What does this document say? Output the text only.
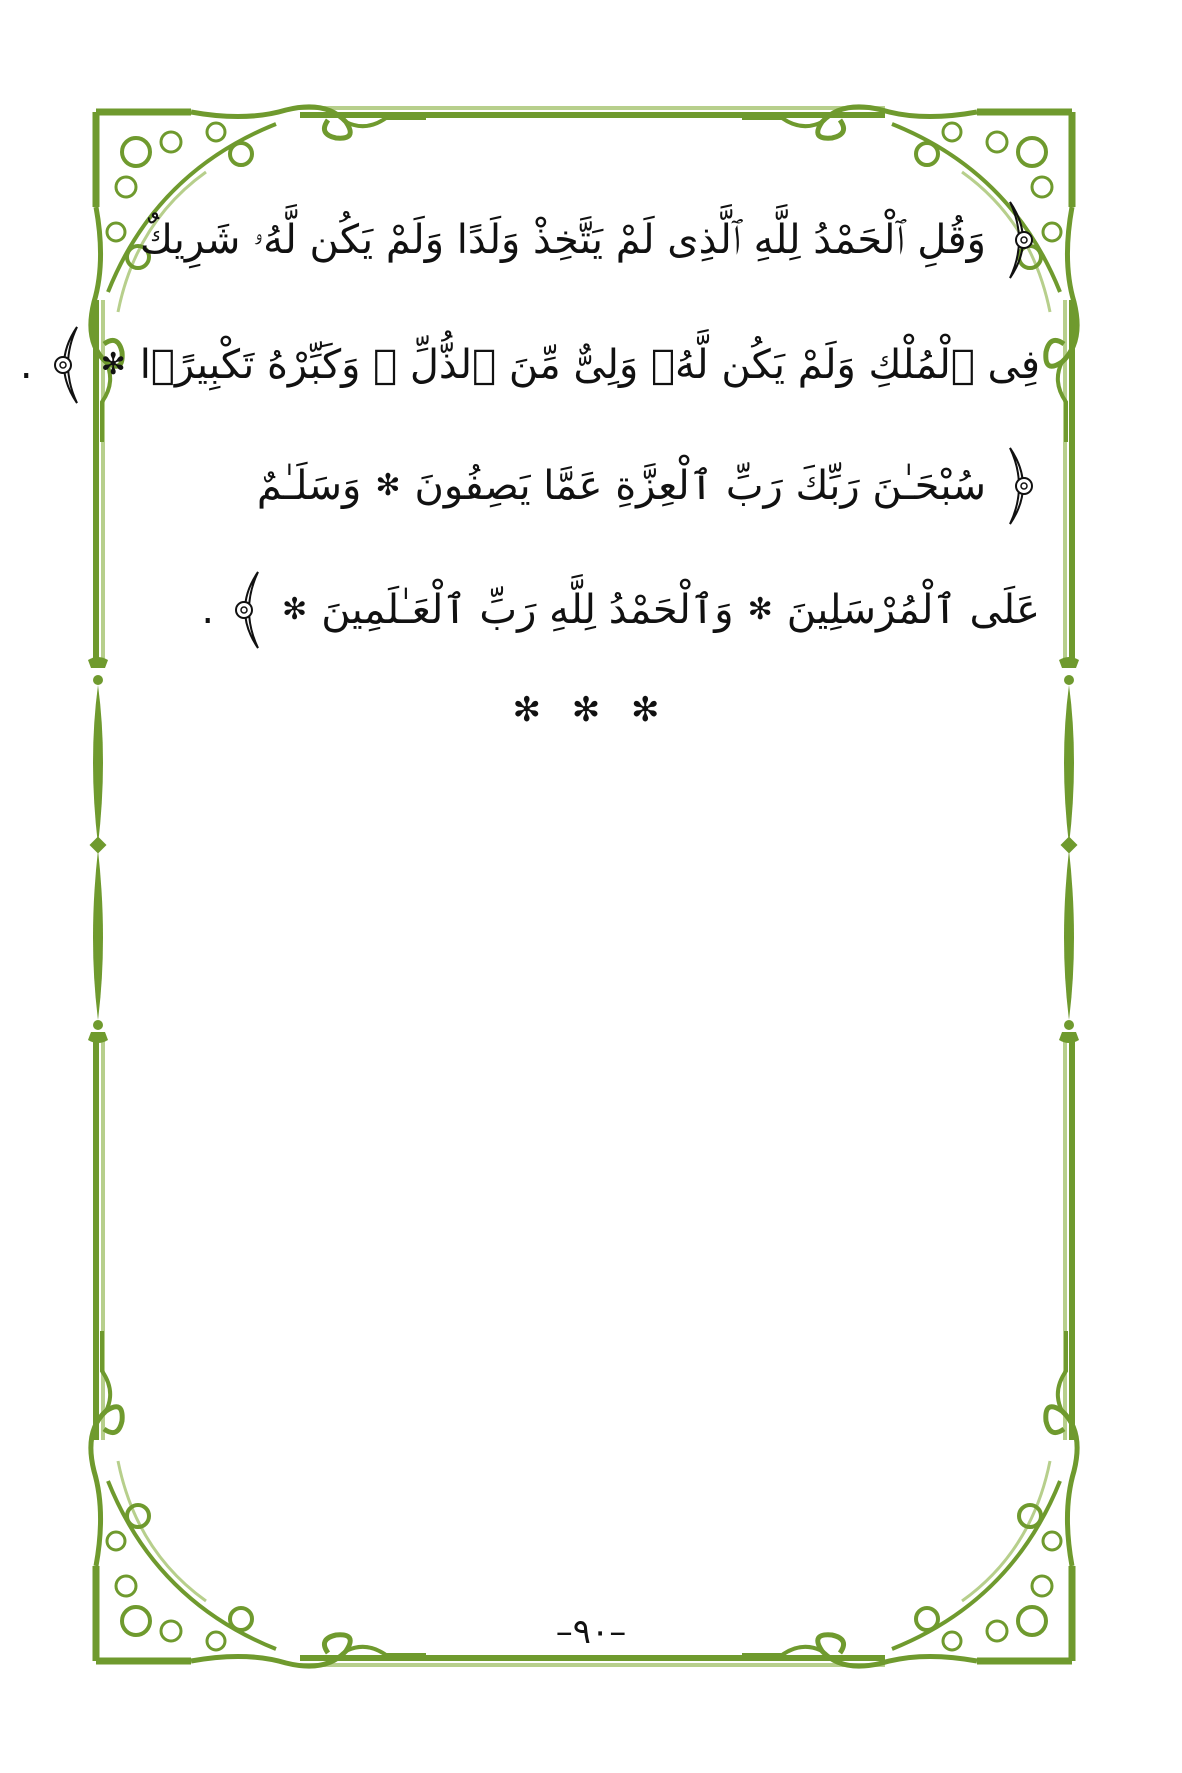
وَقُلِ ٱلْحَمْدُ لِلَّهِ ٱلَّذِى لَمْ يَتَّخِذْ وَلَدًا وَلَمْ يَكُن لَّهُۥ شَرِيكٌ
فِى ٱلْمُلْكِ وَلَمْ يَكُن لَّهُۥ وَلِىٌّ مِّنَ ٱلذُّلِّ ۖ وَكَبِّرْهُ تَكْبِيرًۢا
✻
.
سُبْحَـٰنَ رَبِّكَ رَبِّ ٱلْعِزَّةِ عَمَّا يَصِفُونَ
✻
وَسَلَـٰمٌ
عَلَى ٱلْمُرْسَلِينَ
✻
وَٱلْحَمْدُ لِلَّهِ رَبِّ ٱلْعَـٰلَمِينَ
✻
.
✻ ✻ ✻
–٩٠–
